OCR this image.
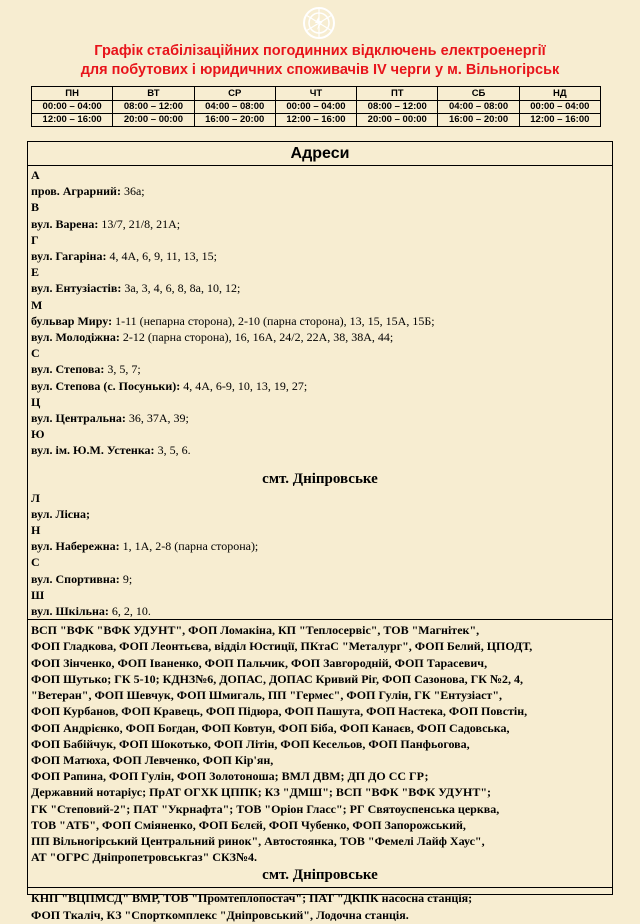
Графік стабілізаційних погодинних відключень електроенергії
для побутових і юридичних споживачів IV черги у м. Вільногірськ
ПН	ВТ	СР	ЧТ	ПТ	СБ	НД
00:00 – 04:00	08:00 – 12:00	04:00 – 08:00	00:00 – 04:00	08:00 – 12:00	04:00 – 08:00	00:00 – 04:00
12:00 – 16:00	20:00 – 00:00	16:00 – 20:00	12:00 – 16:00	20:00 – 00:00	16:00 – 20:00	12:00 – 16:00
Адреси
А
пров. Аграрний: 36а;
В
вул. Варена: 13/7, 21/8, 21А;
Г
вул. Гагаріна: 4, 4А, 6, 9, 11, 13, 15;
Е
вул. Ентузіастів: 3а, 3, 4, 6, 8, 8а, 10, 12;
М
бульвар Миру: 1-11 (непарна сторона), 2-10 (парна сторона), 13, 15, 15А, 15Б;
вул. Молодіжна: 2-12 (парна сторона), 16, 16А, 24/2, 22А, 38, 38А, 44;
С
вул. Степова: 3, 5, 7;
вул. Степова (с. Посуньки): 4, 4А, 6-9, 10, 13, 19, 27;
Ц
вул. Центральна: 36, 37А, 39;
Ю
вул. ім. Ю.М. Устенка: 3, 5, 6.
смт. Дніпровське
Л
вул. Лісна;
Н
вул. Набережна: 1, 1А, 2-8 (парна сторона);
С
вул. Спортивна: 9;
Ш
вул. Шкільна: 6, 2, 10.
ВСП "ВФК "ВФК УДУНТ", ФОП Ломакіна, КП "Теплосервіс", ТОВ "Магнітек",
ФОП Гладкова, ФОП Леонтьєва, відділ Юстиції, ПКтаС "Металург", ФОП Белий, ЦПОДТ,
ФОП Зінченко, ФОП Іваненко, ФОП Пальчик, ФОП Завгородній, ФОП Тарасевич,
ФОП Шутько; ГК 5-10; КДНЗ№6, ДОПАС, ДОПАС Кривий Ріг, ФОП Сазонова, ГК №2, 4,
"Ветеран", ФОП Шевчук, ФОП Шмигаль, ПП "Гермес", ФОП Гулін, ГК "Ентузіаст",
ФОП Курбанов, ФОП Кравець, ФОП Підюра, ФОП Пашута, ФОП Настека, ФОП Повстін,
ФОП Андрієнко, ФОП Богдан, ФОП Ковтун, ФОП Біба, ФОП Канаєв, ФОП Садовська,
ФОП Бабійчук, ФОП Шокотько, ФОП Літін, ФОП Кесельов, ФОП Панфьогова,
ФОП Матюха, ФОП Левченко, ФОП Кір'ян,
ФОП Рапина, ФОП Гулін, ФОП Золотоноша; ВМЛ ДВМ; ДП ДО СС ГР;
Державний нотаріус; ПрАТ ОГХК ЦППК; КЗ "ДМШ"; ВСП "ВФК "ВФК УДУНТ";
ГК "Степовий-2"; ПАТ "Укрнафта"; ТОВ "Оріон Гласс"; РГ Святоуспенська церква,
ТОВ "АТБ", ФОП Сміяненко, ФОП Бєлєй, ФОП Чубенко, ФОП Запорожський,
ПП Вільногірський Центральний ринок", Автостоянка, ТОВ "Фемелі Лайф Хаус",
АТ "ОГРС Дніпропетровськгаз" СКЗ№4.
смт. Дніпровське
КНП "ВЦПМСД" ВМР, ТОВ "Промтеплопостач"; ПАТ "ДКПК насосна станція;
ФОП Ткаліч, КЗ "Спорткомплекс "Дніпровський", Лодочна станція.
